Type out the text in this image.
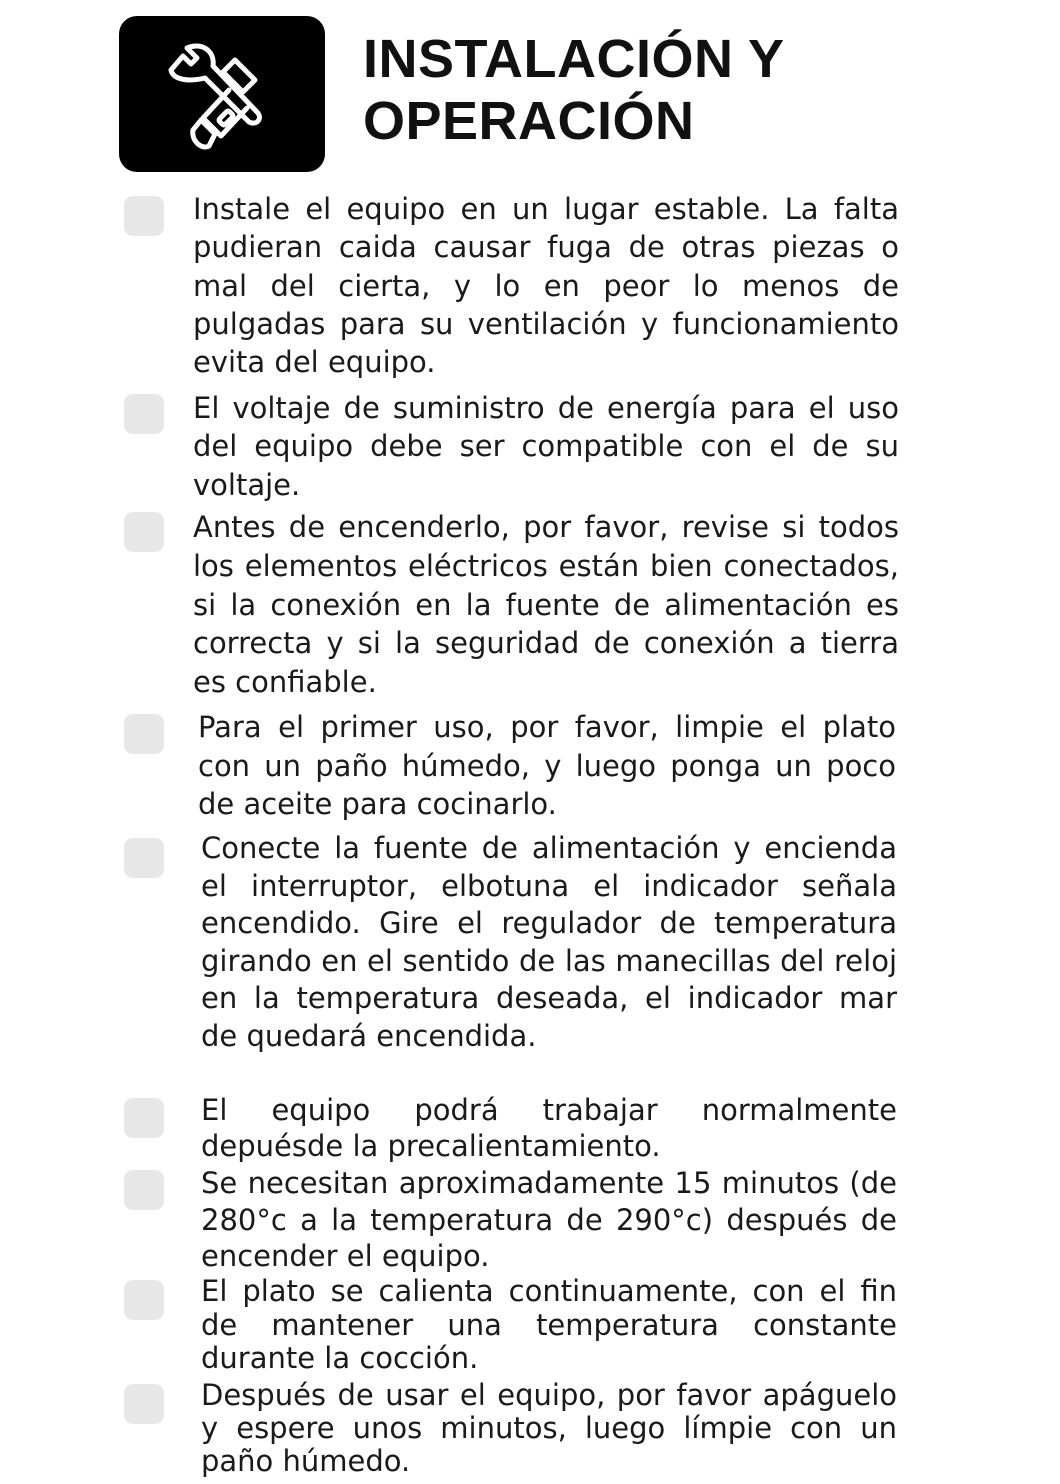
INSTALACIÓN Y
OPERACIÓN

Instale el equipo en un lugar estable. La falta pudieran caida causar fuga de otras piezas o mal del cierta, y lo en peor lo menos de pulgadas para su ventilación y funcionamiento evita del equipo.

El voltaje de suministro de energía para el uso del equipo debe ser compatible con el de su voltaje.

Antes de encenderlo, por favor, revise si todos los elementos eléctricos están bien conectados, si la conexión en la fuente de alimentación es correcta y si la seguridad de conexión a tierra es confiable.

Para el primer uso, por favor, limpie el plato con un paño húmedo, y luego ponga un poco de aceite para cocinarlo.

Conecte la fuente de alimentación y encienda el interruptor, elbotuna el indicador señala encendido. Gire el regulador de temperatura girando en el sentido de las manecillas del reloj en la temperatura deseada, el indicador mar de quedará encendida.

El equipo podrá trabajar normalmente depuésde la precalientamiento.

Se necesitan aproximadamente 15 minutos (de 280°c a la temperatura de 290°c) después de encender el equipo.

El plato se calienta continuamente, con el fin de mantener una temperatura constante durante la cocción.

Después de usar el equipo, por favor apáguelo y espere unos minutos, luego límpie con un paño húmedo.
